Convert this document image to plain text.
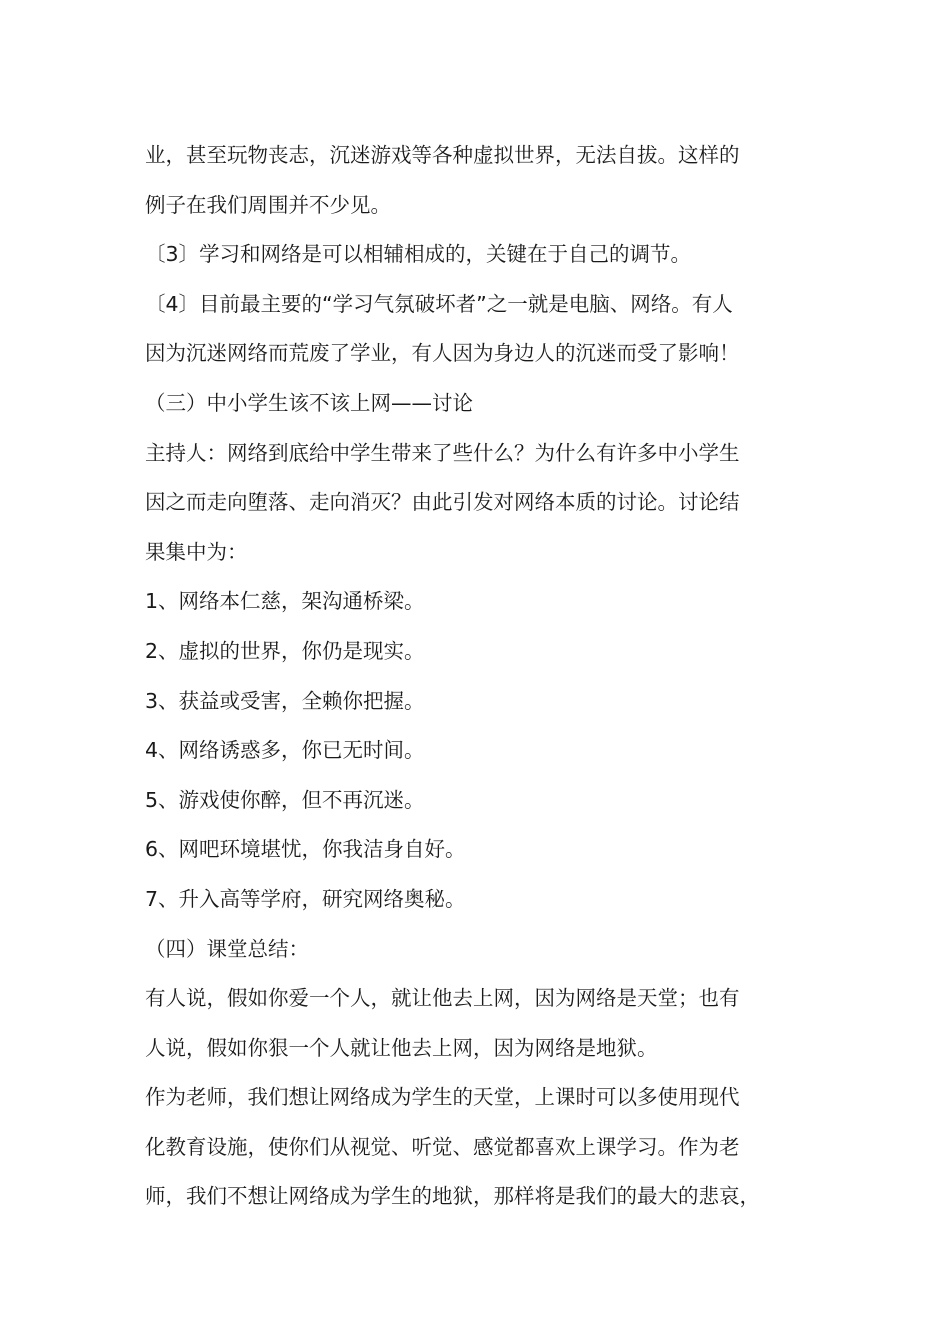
业，甚至玩物丧志，沉迷游戏等各种虚拟世界，无法自拔。这样的
例子在我们周围并不少见。
〔3〕学习和网络是可以相辅相成的，关键在于自己的调节。
〔4〕目前最主要的“学习气氛破坏者”之一就是电脑、网络。有人
因为沉迷网络而荒废了学业，有人因为身边人的沉迷而受了影响！
（三）中小学生该不该上网——讨论
主持人：网络到底给中学生带来了些什么？为什么有许多中小学生
因之而走向堕落、走向消灭？由此引发对网络本质的讨论。讨论结
果集中为：
1、网络本仁慈，架沟通桥梁。
2、虚拟的世界，你仍是现实。
3、获益或受害，全赖你把握。
4、网络诱惑多，你已无时间。
5、游戏使你醉，但不再沉迷。
6、网吧环境堪忧，你我洁身自好。
7、升入高等学府，研究网络奥秘。
（四）课堂总结：
有人说，假如你爱一个人，就让他去上网，因为网络是天堂；也有
人说，假如你狠一个人就让他去上网，因为网络是地狱。
作为老师，我们想让网络成为学生的天堂，上课时可以多使用现代
化教育设施，使你们从视觉、听觉、感觉都喜欢上课学习。作为老
师，我们不想让网络成为学生的地狱，那样将是我们的最大的悲哀，
